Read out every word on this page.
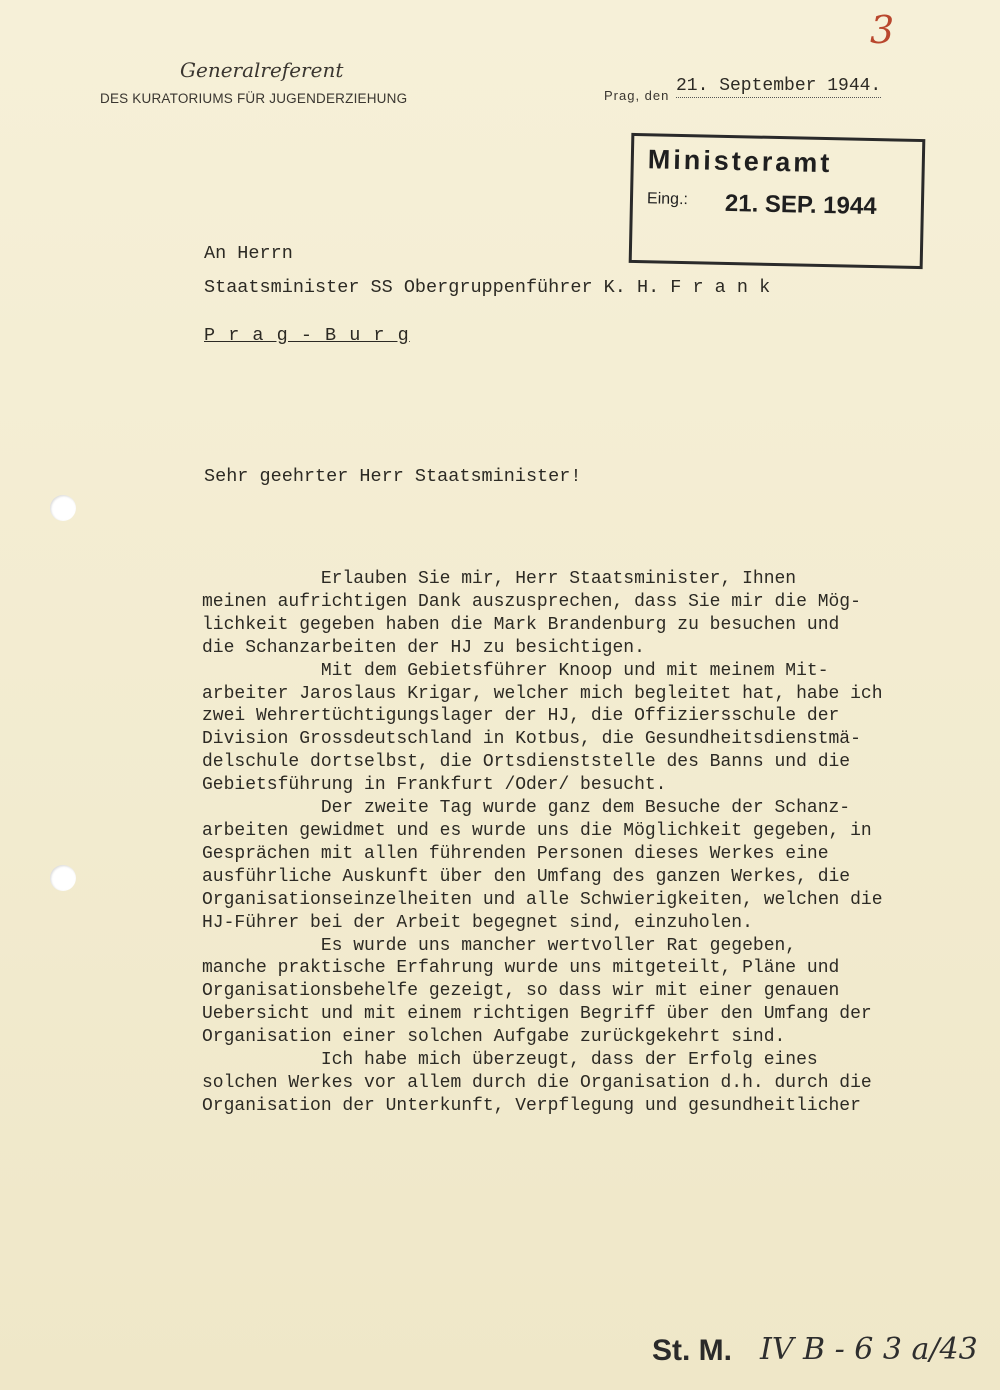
3
Generalreferent
DES KURATORIUMS FÜR JUGENDERZIEHUNG	Prag, den 21. September 1944.
Ministeramt
Eing.: 21. SEP. 1944
An Herrn
Staatsminister SS Obergruppenführer K. H. F r a n k
P r a g - B u r g
Sehr geehrter Herr Staatsminister!
Erlauben Sie mir, Herr Staatsminister, Ihnen
meinen aufrichtigen Dank auszusprechen, dass Sie mir die Mög-
lichkeit gegeben haben die Mark Brandenburg zu besuchen und
die Schanzarbeiten der HJ zu besichtigen.
Mit dem Gebietsführer Knoop und mit meinem Mit-
arbeiter Jaroslaus Krigar, welcher mich begleitet hat, habe ich
zwei Wehrertüchtigungslager der HJ, die Offiziersschule der
Division Grossdeutschland in Kotbus, die Gesundheitsdienstmä-
delschule dortselbst, die Ortsdienststelle des Banns und die
Gebietsführung in Frankfurt /Oder/ besucht.
Der zweite Tag wurde ganz dem Besuche der Schanz-
arbeiten gewidmet und es wurde uns die Möglichkeit gegeben, in
Gesprächen mit allen führenden Personen dieses Werkes eine
ausführliche Auskunft über den Umfang des ganzen Werkes, die
Organisationseinzelheiten und alle Schwierigkeiten, welchen die
HJ-Führer bei der Arbeit begegnet sind, einzuholen.
Es wurde uns mancher wertvoller Rat gegeben,
manche praktische Erfahrung wurde uns mitgeteilt, Pläne und
Organisationsbehelfe gezeigt, so dass wir mit einer genauen
Uebersicht und mit einem richtigen Begriff über den Umfang der
Organisation einer solchen Aufgabe zurückgekehrt sind.
Ich habe mich überzeugt, dass der Erfolg eines
solchen Werkes vor allem durch die Organisation d.h. durch die
Organisation der Unterkunft, Verpflegung und gesundheitlicher
St. M. IV B - 6 3 a/43
